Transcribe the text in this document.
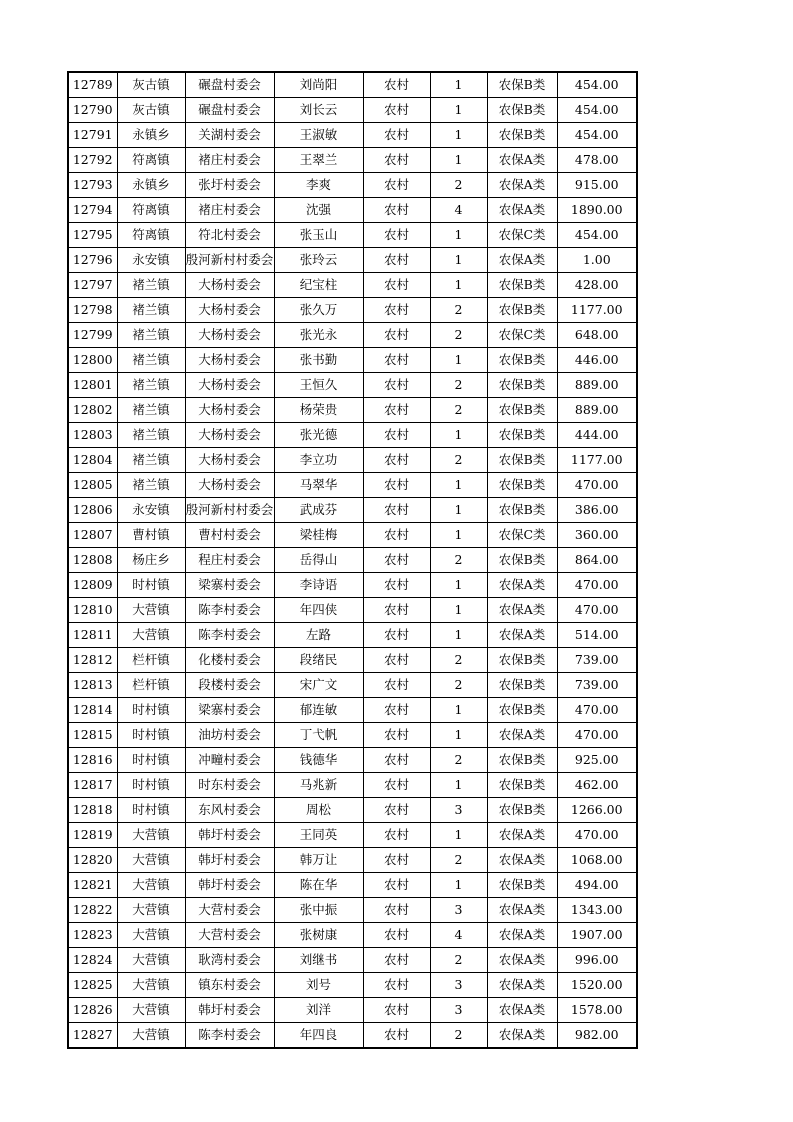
12789	灰古镇	碾盘村委会	刘尚阳	农村	1	农保B类	454.00
12790	灰古镇	碾盘村委会	刘长云	农村	1	农保B类	454.00
12791	永镇乡	关湖村委会	王淑敏	农村	1	农保B类	454.00
12792	符离镇	褚庄村委会	王翠兰	农村	1	农保A类	478.00
12793	永镇乡	张圩村委会	李爽	农村	2	农保A类	915.00
12794	符离镇	褚庄村委会	沈强	农村	4	农保A类	1890.00
12795	符离镇	符北村委会	张玉山	农村	1	农保C类	454.00
12796	永安镇	殷河新村村委会	张玲云	农村	1	农保A类	1.00
12797	褚兰镇	大杨村委会	纪宝柱	农村	1	农保B类	428.00
12798	褚兰镇	大杨村委会	张久万	农村	2	农保B类	1177.00
12799	褚兰镇	大杨村委会	张光永	农村	2	农保C类	648.00
12800	褚兰镇	大杨村委会	张书勤	农村	1	农保B类	446.00
12801	褚兰镇	大杨村委会	王恒久	农村	2	农保B类	889.00
12802	褚兰镇	大杨村委会	杨荣贵	农村	2	农保B类	889.00
12803	褚兰镇	大杨村委会	张光德	农村	1	农保B类	444.00
12804	褚兰镇	大杨村委会	李立功	农村	2	农保B类	1177.00
12805	褚兰镇	大杨村委会	马翠华	农村	1	农保B类	470.00
12806	永安镇	殷河新村村委会	武成芬	农村	1	农保B类	386.00
12807	曹村镇	曹村村委会	梁桂梅	农村	1	农保C类	360.00
12808	杨庄乡	程庄村委会	岳得山	农村	2	农保B类	864.00
12809	时村镇	梁寨村委会	李诗语	农村	1	农保A类	470.00
12810	大营镇	陈李村委会	年四侠	农村	1	农保A类	470.00
12811	大营镇	陈李村委会	左路	农村	1	农保A类	514.00
12812	栏杆镇	化楼村委会	段绪民	农村	2	农保B类	739.00
12813	栏杆镇	段楼村委会	宋广文	农村	2	农保B类	739.00
12814	时村镇	梁寨村委会	郁连敏	农村	1	农保B类	470.00
12815	时村镇	油坊村委会	丁弋帆	农村	1	农保A类	470.00
12816	时村镇	冲疃村委会	钱德华	农村	2	农保B类	925.00
12817	时村镇	时东村委会	马兆新	农村	1	农保B类	462.00
12818	时村镇	东风村委会	周松	农村	3	农保B类	1266.00
12819	大营镇	韩圩村委会	王同英	农村	1	农保A类	470.00
12820	大营镇	韩圩村委会	韩万让	农村	2	农保A类	1068.00
12821	大营镇	韩圩村委会	陈在华	农村	1	农保B类	494.00
12822	大营镇	大营村委会	张中振	农村	3	农保A类	1343.00
12823	大营镇	大营村委会	张树康	农村	4	农保A类	1907.00
12824	大营镇	耿湾村委会	刘继书	农村	2	农保A类	996.00
12825	大营镇	镇东村委会	刘号	农村	3	农保A类	1520.00
12826	大营镇	韩圩村委会	刘洋	农村	3	农保A类	1578.00
12827	大营镇	陈李村委会	年四良	农村	2	农保A类	982.00
